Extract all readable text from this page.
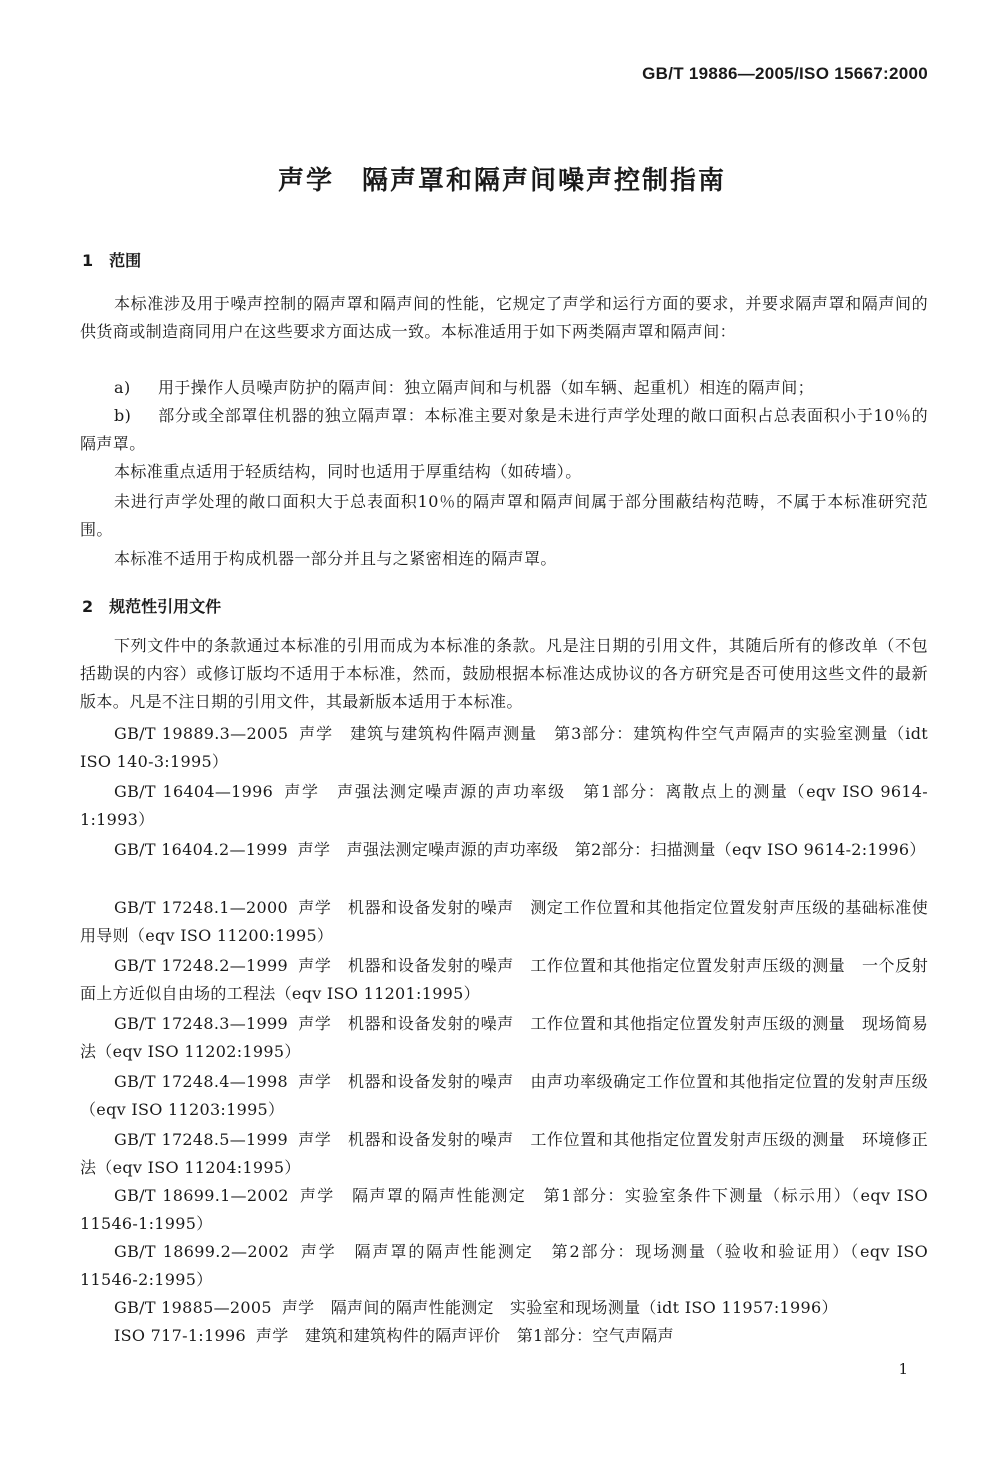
GB/T 19886—2005/ISO 15667:2000
声学　隔声罩和隔声间噪声控制指南
1　范围
本标准涉及用于噪声控制的隔声罩和隔声间的性能，它规定了声学和运行方面的要求，并要求隔声罩和隔声间的供货商或制造商同用户在这些要求方面达成一致。本标准适用于如下两类隔声罩和隔声间：
a) 用于操作人员噪声防护的隔声间：独立隔声间和与机器（如车辆、起重机）相连的隔声间；
b) 部分或全部罩住机器的独立隔声罩：本标准主要对象是未进行声学处理的敞口面积占总表面积小于10％的隔声罩。
本标准重点适用于轻质结构，同时也适用于厚重结构（如砖墙）。
未进行声学处理的敞口面积大于总表面积10％的隔声罩和隔声间属于部分围蔽结构范畴，不属于本标准研究范围。
本标准不适用于构成机器一部分并且与之紧密相连的隔声罩。
2　规范性引用文件
下列文件中的条款通过本标准的引用而成为本标准的条款。凡是注日期的引用文件，其随后所有的修改单（不包括勘误的内容）或修订版均不适用于本标准，然而，鼓励根据本标准达成协议的各方研究是否可使用这些文件的最新版本。凡是不注日期的引用文件，其最新版本适用于本标准。
GB/T 19889.3—2005 声学　建筑与建筑构件隔声测量　第3部分：建筑构件空气声隔声的实验室测量（idt ISO 140-3:1995）
GB/T 16404—1996 声学　声强法测定噪声源的声功率级　第1部分：离散点上的测量（eqv ISO 9614-1:1993）
GB/T 16404.2—1999 声学　声强法测定噪声源的声功率级　第2部分：扫描测量（eqv ISO 9614-2:1996）
GB/T 17248.1—2000 声学　机器和设备发射的噪声　测定工作位置和其他指定位置发射声压级的基础标准使用导则（eqv ISO 11200:1995）
GB/T 17248.2—1999 声学　机器和设备发射的噪声　工作位置和其他指定位置发射声压级的测量　一个反射面上方近似自由场的工程法（eqv ISO 11201:1995）
GB/T 17248.3—1999 声学　机器和设备发射的噪声　工作位置和其他指定位置发射声压级的测量　现场简易法（eqv ISO 11202:1995）
GB/T 17248.4—1998 声学　机器和设备发射的噪声　由声功率级确定工作位置和其他指定位置的发射声压级（eqv ISO 11203:1995）
GB/T 17248.5—1999 声学　机器和设备发射的噪声　工作位置和其他指定位置发射声压级的测量　环境修正法（eqv ISO 11204:1995）
GB/T 18699.1—2002 声学　隔声罩的隔声性能测定　第1部分：实验室条件下测量（标示用）（eqv ISO 11546-1:1995）
GB/T 18699.2—2002 声学　隔声罩的隔声性能测定　第2部分：现场测量（验收和验证用）（eqv ISO 11546-2:1995）
GB/T 19885—2005 声学　隔声间的隔声性能测定　实验室和现场测量（idt ISO 11957:1996）
ISO 717-1:1996 声学　建筑和建筑构件的隔声评价　第1部分：空气声隔声
1
